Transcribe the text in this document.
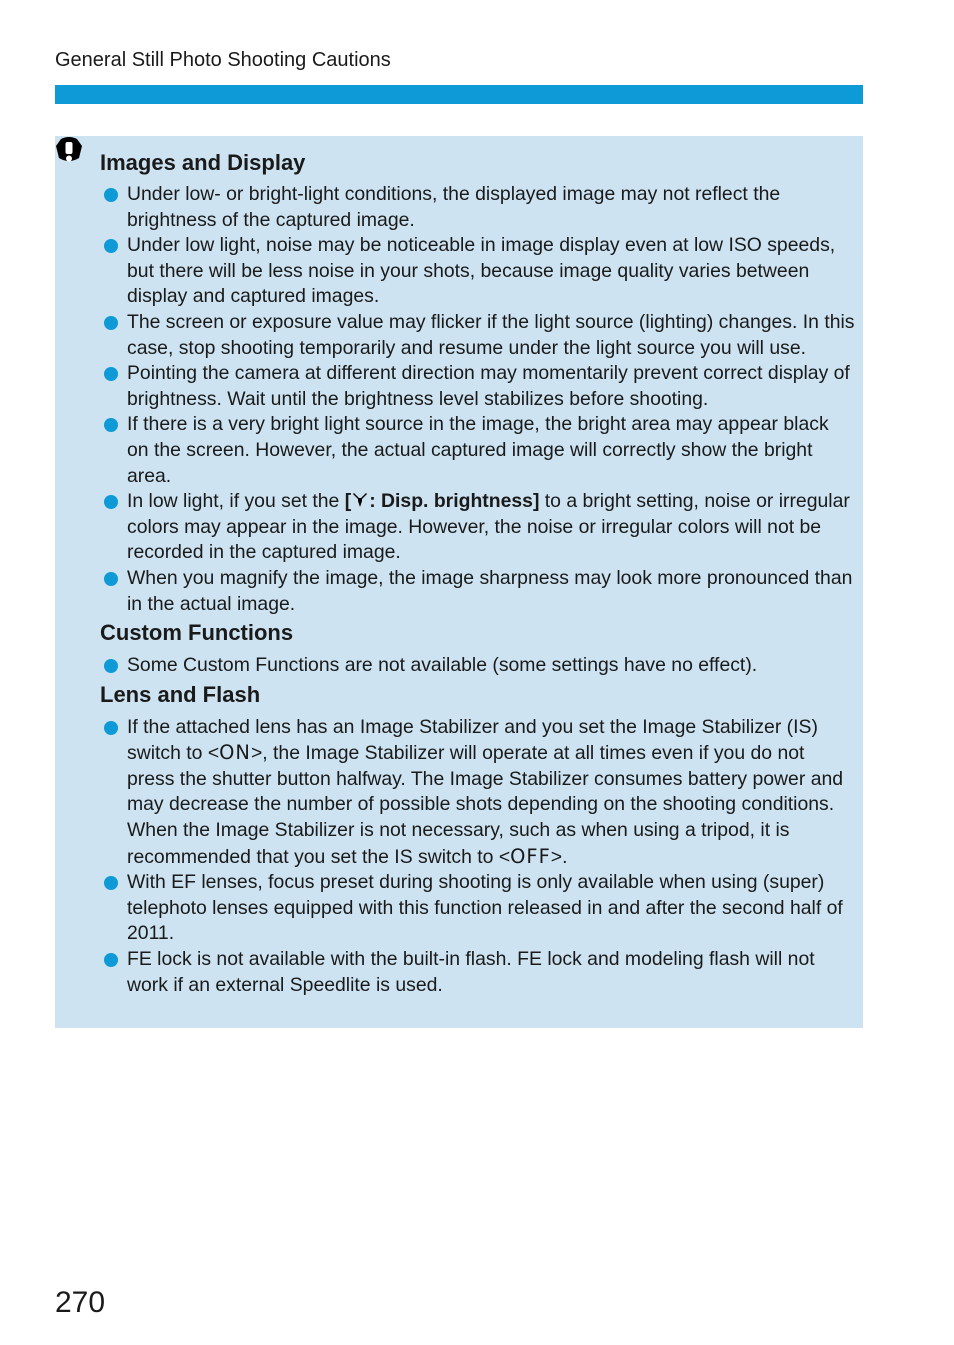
General Still Photo Shooting Cautions
Images and Display
Under low- or bright-light conditions, the displayed image may not reflect the brightness of the captured image.
Under low light, noise may be noticeable in image display even at low ISO speeds, but there will be less noise in your shots, because image quality varies between display and captured images.
The screen or exposure value may flicker if the light source (lighting) changes. In this case, stop shooting temporarily and resume under the light source you will use.
Pointing the camera at different direction may momentarily prevent correct display of brightness. Wait until the brightness level stabilizes before shooting.
If there is a very bright light source in the image, the bright area may appear black on the screen. However, the actual captured image will correctly show the bright area.
In low light, if you set the [ : Disp. brightness] to a bright setting, noise or irregular colors may appear in the image. However, the noise or irregular colors will not be recorded in the captured image.
When you magnify the image, the image sharpness may look more pronounced than in the actual image.
Custom Functions
Some Custom Functions are not available (some settings have no effect).
Lens and Flash
If the attached lens has an Image Stabilizer and you set the Image Stabilizer (IS) switch to <ON>, the Image Stabilizer will operate at all times even if you do not press the shutter button halfway. The Image Stabilizer consumes battery power and may decrease the number of possible shots depending on the shooting conditions. When the Image Stabilizer is not necessary, such as when using a tripod, it is recommended that you set the IS switch to <OFF>.
With EF lenses, focus preset during shooting is only available when using (super) telephoto lenses equipped with this function released in and after the second half of 2011.
FE lock is not available with the built-in flash. FE lock and modeling flash will not work if an external Speedlite is used.
270
